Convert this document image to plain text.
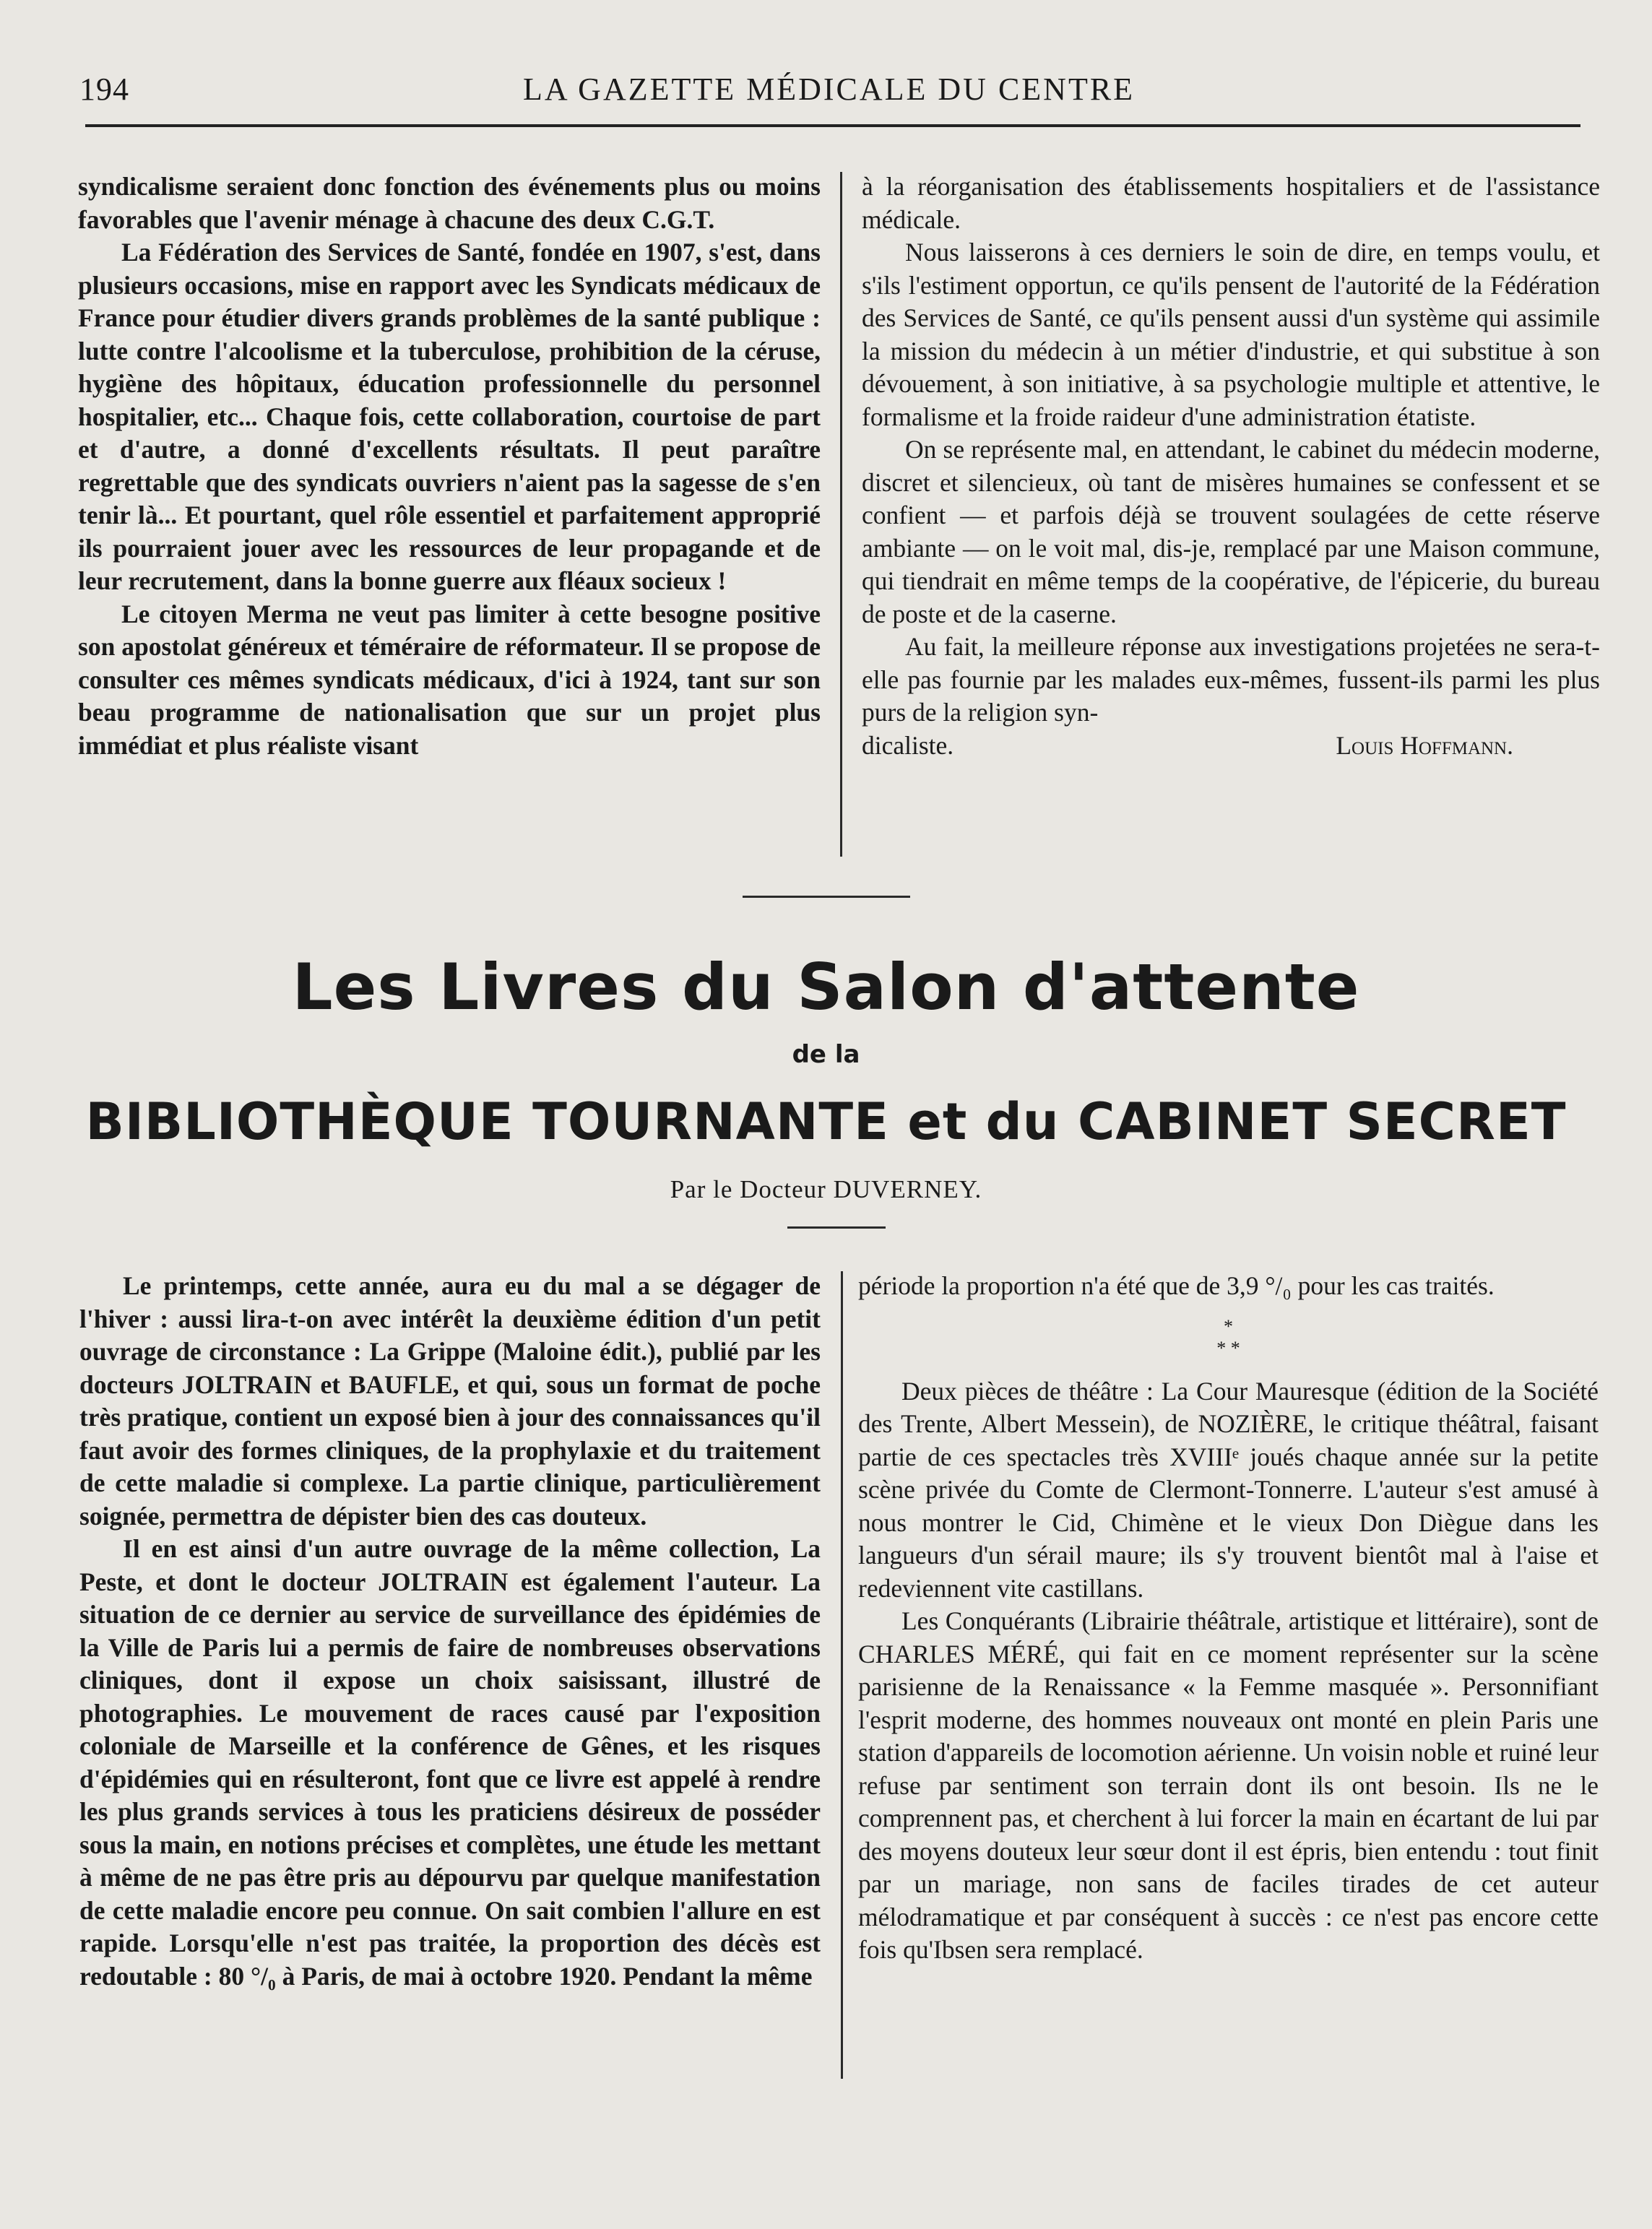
194	LA GAZETTE MÉDICALE DU CENTRE

syndicalisme seraient donc fonction des événements plus ou moins favorables que l'avenir ménage à chacune des deux C.G.T.

La Fédération des Services de Santé, fondée en 1907, s'est, dans plusieurs occasions, mise en rapport avec les Syndicats médicaux de France pour étudier divers grands problèmes de la santé publique : lutte contre l'alcoolisme et la tuberculose, prohibition de la céruse, hygiène des hôpitaux, éducation professionnelle du personnel hospitalier, etc... Chaque fois, cette collaboration, courtoise de part et d'autre, a donné d'excellents résultats. Il peut paraître regrettable que des syndicats ouvriers n'aient pas la sagesse de s'en tenir là... Et pourtant, quel rôle essentiel et parfaitement approprié ils pourraient jouer avec les ressources de leur propagande et de leur recrutement, dans la bonne guerre aux fléaux socieux !

Le citoyen Merma ne veut pas limiter à cette besogne positive son apostolat généreux et téméraire de réformateur. Il se propose de consulter ces mêmes syndicats médicaux, d'ici à 1924, tant sur son beau programme de nationalisation que sur un projet plus immédiat et plus réaliste visant

à la réorganisation des établissements hospitaliers et de l'assistance médicale.

Nous laisserons à ces derniers le soin de dire, en temps voulu, et s'ils l'estiment opportun, ce qu'ils pensent de l'autorité de la Fédération des Services de Santé, ce qu'ils pensent aussi d'un système qui assimile la mission du médecin à un métier d'industrie, et qui substitue à son dévouement, à son initiative, à sa psychologie multiple et attentive, le formalisme et la froide raideur d'une administration étatiste.

On se représente mal, en attendant, le cabinet du médecin moderne, discret et silencieux, où tant de misères humaines se confessent et se confient — et parfois déjà se trouvent soulagées de cette réserve ambiante — on le voit mal, dis-je, remplacé par une Maison commune, qui tiendrait en même temps de la coopérative, de l'épicerie, du bureau de poste et de la caserne.

Au fait, la meilleure réponse aux investigations projetées ne sera-t-elle pas fournie par les malades eux-mêmes, fussent-ils parmi les plus purs de la religion syn-

dicaliste.	Louis Hoffmann.
Les Livres du Salon d'attente
de la
BIBLIOTHÈQUE TOURNANTE et du CABINET SECRET
Par le Docteur DUVERNEY.

Le printemps, cette année, aura eu du mal a se dégager de l'hiver : aussi lira-t-on avec intérêt la deuxième édition d'un petit ouvrage de circonstance : La Grippe (Maloine édit.), publié par les docteurs JOLTRAIN et BAUFLE, et qui, sous un format de poche très pratique, contient un exposé bien à jour des connaissances qu'il faut avoir des formes cliniques, de la prophylaxie et du traitement de cette maladie si complexe. La partie clinique, particulièrement soignée, permettra de dépister bien des cas douteux.

Il en est ainsi d'un autre ouvrage de la même collection, La Peste, et dont le docteur JOLTRAIN est également l'auteur. La situation de ce dernier au service de surveillance des épidémies de la Ville de Paris lui a permis de faire de nombreuses observations cliniques, dont il expose un choix saisissant, illustré de photographies. Le mouvement de races causé par l'exposition coloniale de Marseille et la conférence de Gênes, et les risques d'épidémies qui en résulteront, font que ce livre est appelé à rendre les plus grands services à tous les praticiens désireux de posséder sous la main, en notions précises et complètes, une étude les mettant à même de ne pas être pris au dépourvu par quelque manifestation de cette maladie encore peu connue. On sait combien l'allure en est rapide. Lorsqu'elle n'est pas traitée, la proportion des décès est redoutable : 80 °/₀ à Paris, de mai à octobre 1920. Pendant la même

période la proportion n'a été que de 3,9 °/₀ pour les cas traités.

*
* *

Deux pièces de théâtre : La Cour Mauresque (édition de la Société des Trente, Albert Messein), de NOZIÈRE, le critique théâtral, faisant partie de ces spectacles très XVIIIᵉ joués chaque année sur la petite scène privée du Comte de Clermont-Tonnerre. L'auteur s'est amusé à nous montrer le Cid, Chimène et le vieux Don Diègue dans les langueurs d'un sérail maure; ils s'y trouvent bientôt mal à l'aise et redeviennent vite castillans.

Les Conquérants (Librairie théâtrale, artistique et littéraire), sont de CHARLES MÉRÉ, qui fait en ce moment représenter sur la scène parisienne de la Renaissance « la Femme masquée ». Personnifiant l'esprit moderne, des hommes nouveaux ont monté en plein Paris une station d'appareils de locomotion aérienne. Un voisin noble et ruiné leur refuse par sentiment son terrain dont ils ont besoin. Ils ne le comprennent pas, et cherchent à lui forcer la main en écartant de lui par des moyens douteux leur sœur dont il est épris, bien entendu : tout finit par un mariage, non sans de faciles tirades de cet auteur mélodramatique et par conséquent à succès : ce n'est pas encore cette fois qu'Ibsen sera remplacé.
